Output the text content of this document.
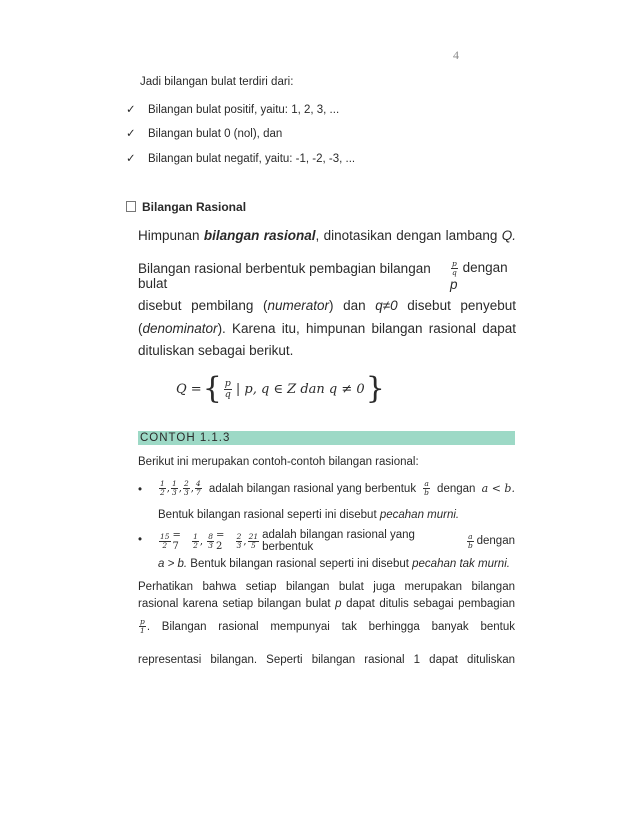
4
Jadi bilangan bulat terdiri dari:
✓ Bilangan bulat positif, yaitu: 1, 2, 3, ...
✓ Bilangan bulat 0 (nol), dan
✓ Bilangan bulat negatif, yaitu: -1, -2, -3, ...
Bilangan Rasional
Himpunan bilangan rasional, dinotasikan dengan lambang Q.
Bilangan rasional berbentuk pembagian bilangan bulat
$\frac{p}{q}$ dengan p
disebut pembilang (numerator) dan q≠0 disebut penyebut
(denominator). Karena itu, himpunan bilangan rasional dapat
dituliskan sebagai berikut.
Q = { $\frac{p}{q}$ | p, q ∈ Z dan q ≠ 0 }
CONTOH 1.1.3
Berikut ini merupakan contoh-contoh bilangan rasional:
• $\frac{1}{2}$ , $\frac{1}{3}$ , $\frac{2}{3}$ , $\frac{4}{7}$ adalah bilangan rasional yang berbentuk $\frac{a}{b}$ dengan a < b.
Bentuk bilangan rasional seperti ini disebut pecahan murni.
• $\frac{15}{2} = 7$	$\frac{1}{2}$ , $\frac{8}{3} = 2$	$\frac{2}{3}$ , $\frac{21}{5}$ adalah bilangan rasional yang berbentuk	$\frac{a}{b}$ dengan
a > b. Bentuk bilangan rasional seperti ini disebut pecahan tak murni.
Perhatikan bahwa setiap bilangan bulat juga merupakan bilangan
rasional karena setiap bilangan bulat p dapat ditulis sebagai pembagian
$\frac{p}{1}$ . Bilangan rasional mempunyai tak berhingga banyak bentuk
representasi bilangan. Seperti bilangan rasional 1 dapat dituliskan
